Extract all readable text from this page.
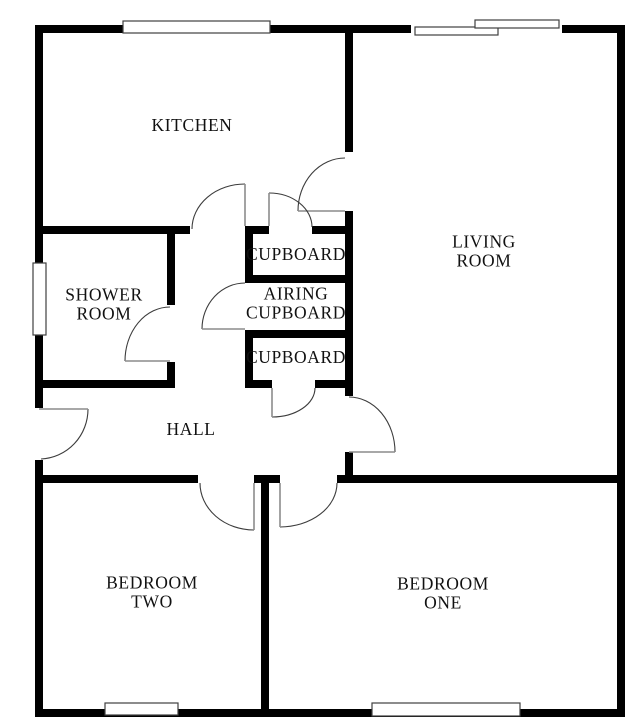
KITCHEN
LIVING ROOM
SHOWER ROOM
CUPBOARD
AIRING CUPBOARD
CUPBOARD
HALL
BEDROOM TWO
BEDROOM ONE
